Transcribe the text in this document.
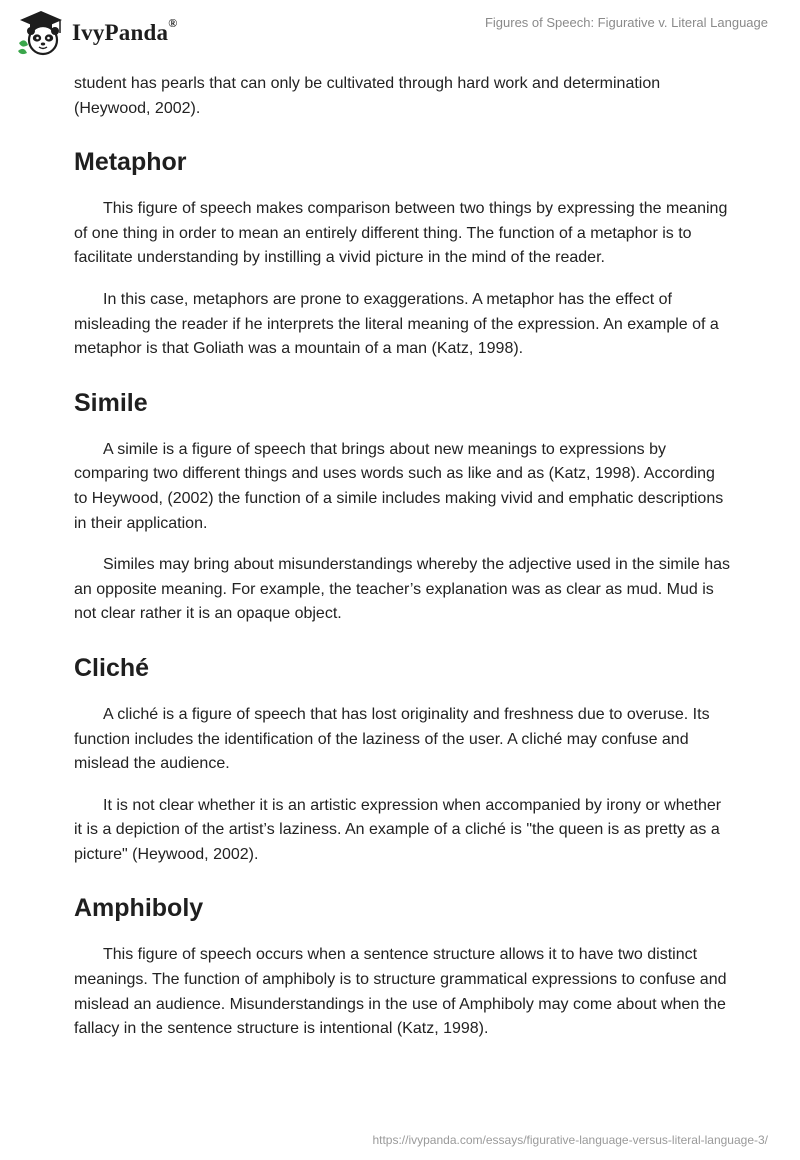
IvyPanda®	Figures of Speech: Figurative v. Literal Language

student has pearls that can only be cultivated through hard work and determination (Heywood, 2002).

Metaphor

This figure of speech makes comparison between two things by expressing the meaning of one thing in order to mean an entirely different thing. The function of a metaphor is to facilitate understanding by instilling a vivid picture in the mind of the reader.

In this case, metaphors are prone to exaggerations. A metaphor has the effect of misleading the reader if he interprets the literal meaning of the expression. An example of a metaphor is that Goliath was a mountain of a man (Katz, 1998).

Simile

A simile is a figure of speech that brings about new meanings to expressions by comparing two different things and uses words such as like and as (Katz, 1998). According to Heywood, (2002) the function of a simile includes making vivid and emphatic descriptions in their application.

Similes may bring about misunderstandings whereby the adjective used in the simile has an opposite meaning. For example, the teacher’s explanation was as clear as mud. Mud is not clear rather it is an opaque object.

Cliché

A cliché is a figure of speech that has lost originality and freshness due to overuse. Its function includes the identification of the laziness of the user. A cliché may confuse and mislead the audience.

It is not clear whether it is an artistic expression when accompanied by irony or whether it is a depiction of the artist’s laziness. An example of a cliché is "the queen is as pretty as a picture" (Heywood, 2002).

Amphiboly

This figure of speech occurs when a sentence structure allows it to have two distinct meanings. The function of amphiboly is to structure grammatical expressions to confuse and mislead an audience. Misunderstandings in the use of Amphiboly may come about when the fallacy in the sentence structure is intentional (Katz, 1998).

https://ivypanda.com/essays/figurative-language-versus-literal-language-3/
